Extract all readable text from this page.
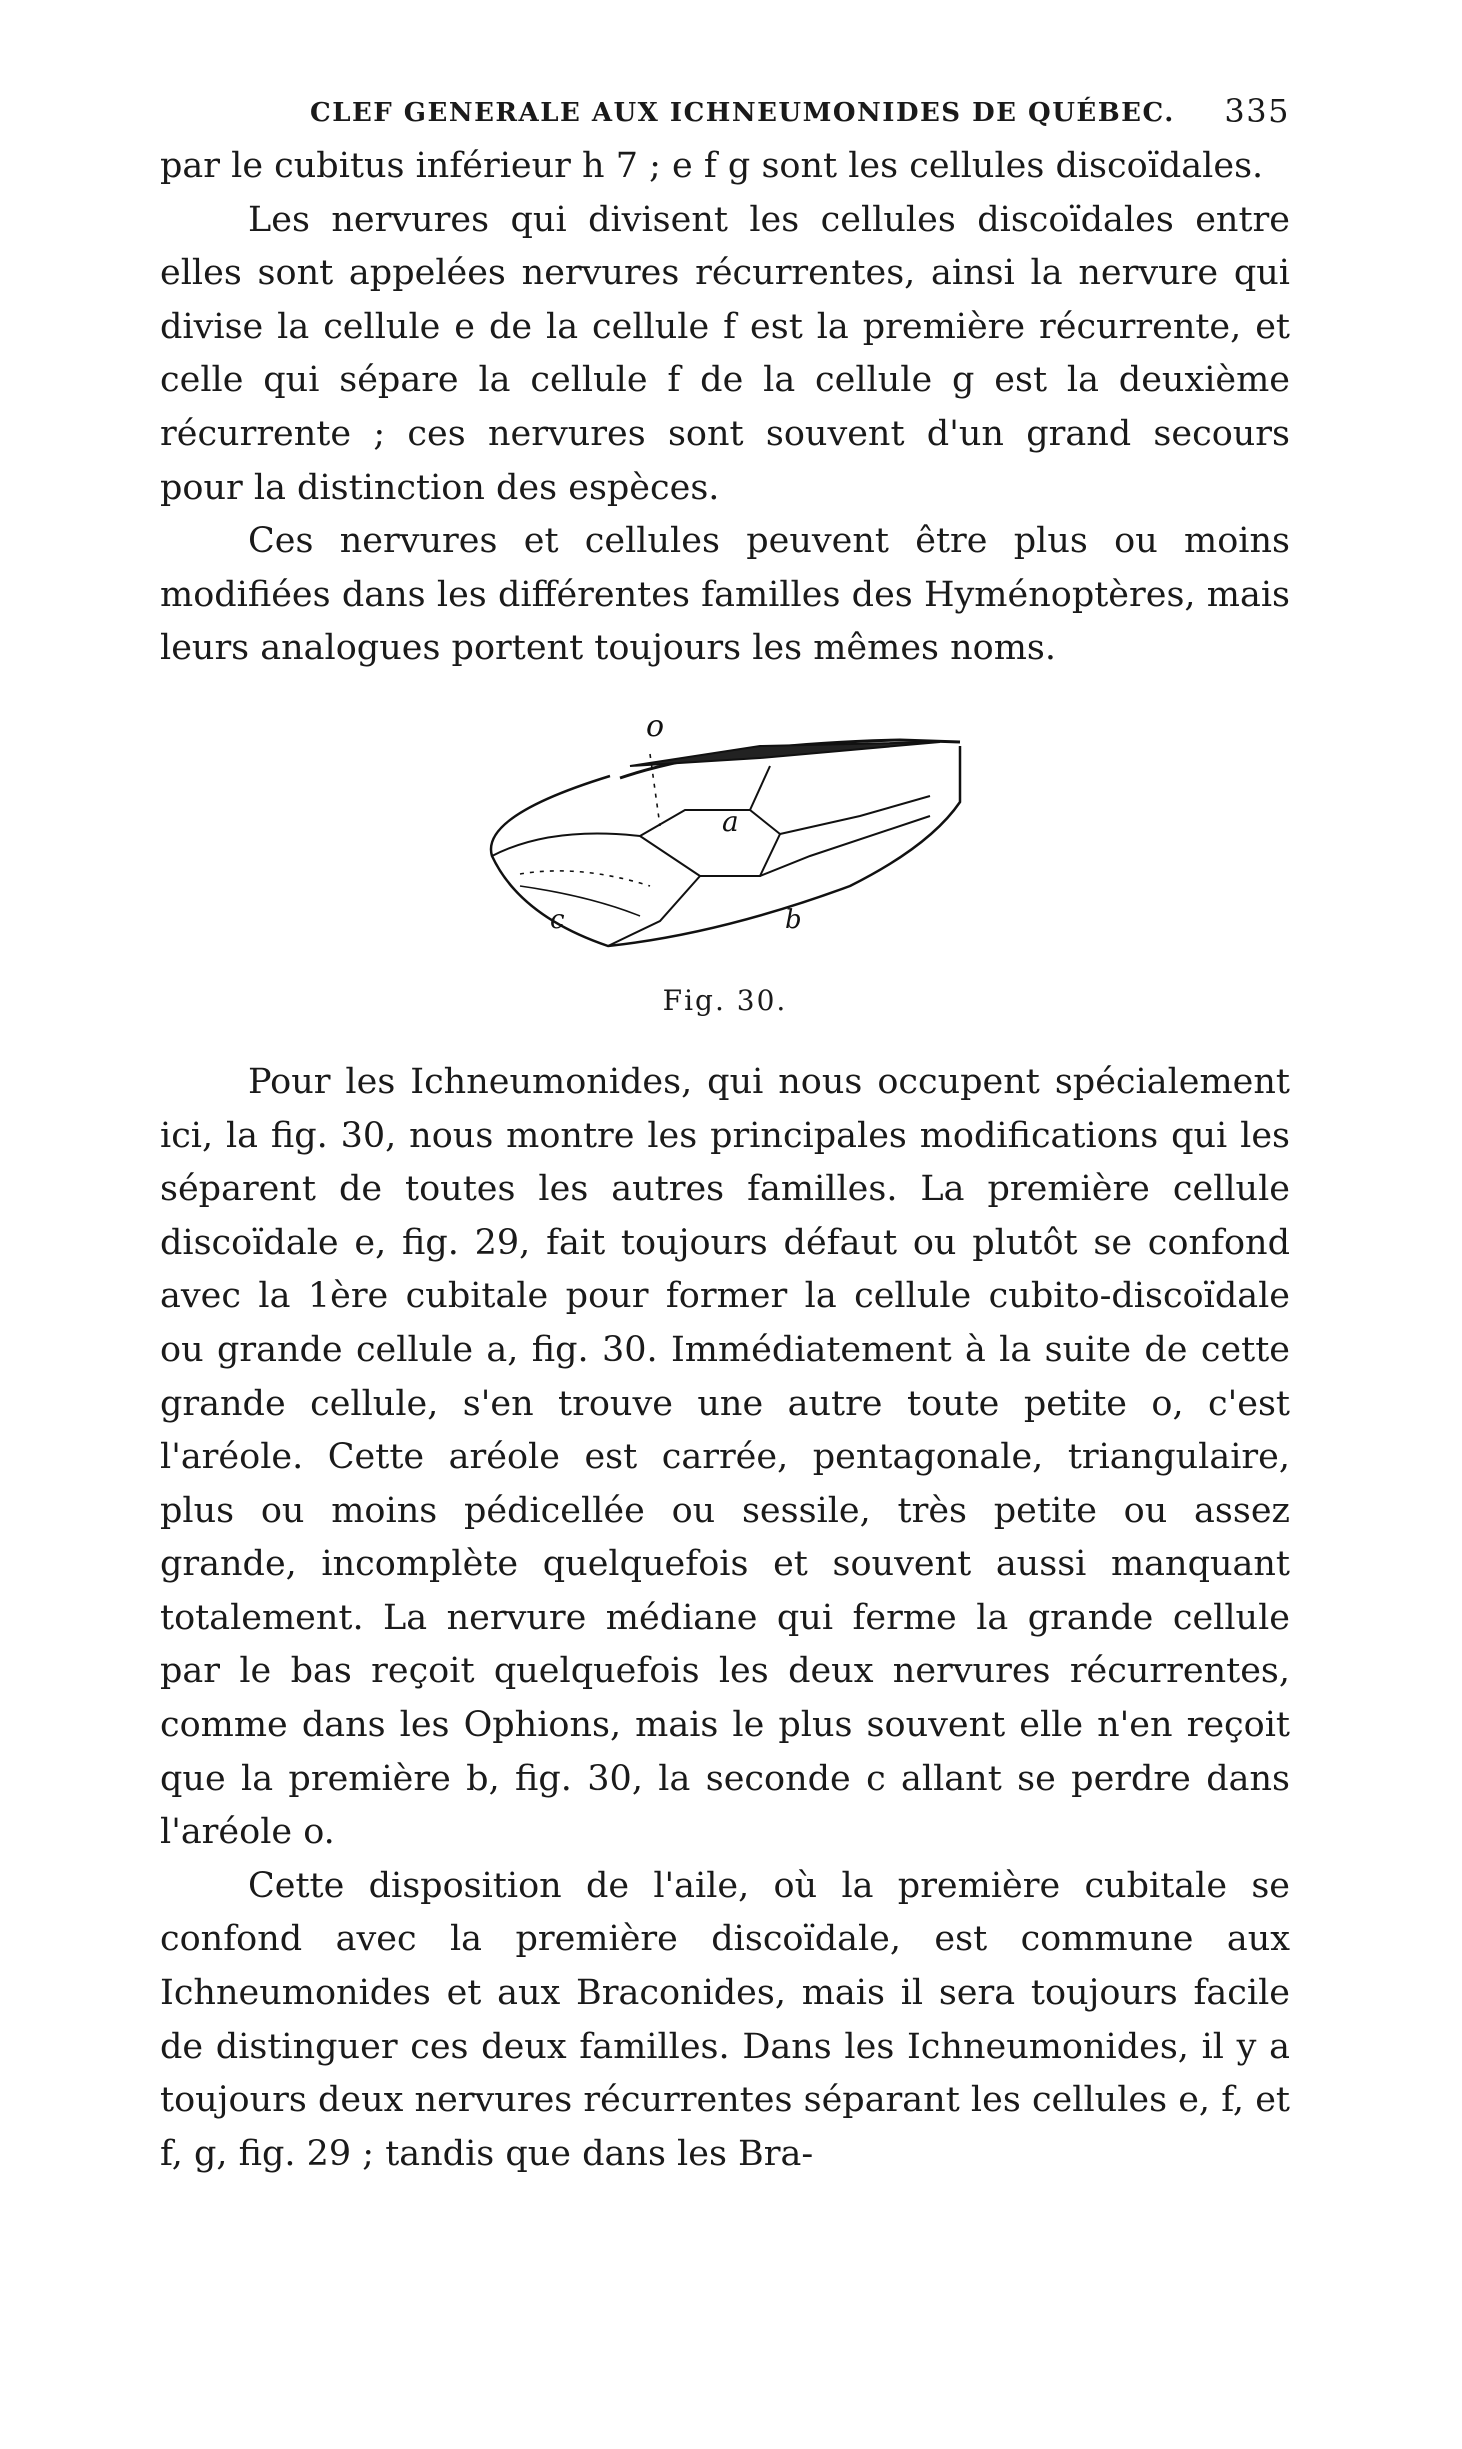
CLEF GENERALE AUX ICHNEUMONIDES DE QUÉBEC. 335

par le cubitus inférieur h 7 ; e f g sont les cellules discoïdales.

Les nervures qui divisent les cellules discoïdales entre elles sont appelées nervures récurrentes, ainsi la nervure qui divise la cellule e de la cellule f est la première récurrente, et celle qui sépare la cellule f de la cellule g est la deuxième récurrente ; ces nervures sont souvent d'un grand secours pour la distinction des espèces.

Ces nervures et cellules peuvent être plus ou moins modifiées dans les différentes familles des Hyménoptères, mais leurs analogues portent toujours les mêmes noms.

o
a
c	b
Fig. 30.

Pour les Ichneumonides, qui nous occupent spécialement ici, la fig. 30, nous montre les principales modifications qui les séparent de toutes les autres familles. La première cellule discoïdale e, fig. 29, fait toujours défaut ou plutôt se confond avec la 1ère cubitale pour former la cellule cubito-discoïdale ou grande cellule a, fig. 30. Immédiatement à la suite de cette grande cellule, s'en trouve une autre toute petite o, c'est l'aréole. Cette aréole est carrée, pentagonale, triangulaire, plus ou moins pédicellée ou sessile, très petite ou assez grande, incomplète quelquefois et souvent aussi manquant totalement. La nervure médiane qui ferme la grande cellule par le bas reçoit quelquefois les deux nervures récurrentes, comme dans les Ophions, mais le plus souvent elle n'en reçoit que la première b, fig. 30, la seconde c allant se perdre dans l'aréole o.

Cette disposition de l'aile, où la première cubitale se confond avec la première discoïdale, est commune aux Ichneumonides et aux Braconides, mais il sera toujours facile de distinguer ces deux familles. Dans les Ichneumonides, il y a toujours deux nervures récurrentes séparant les cellules e, f, et f, g, fig. 29 ; tandis que dans les Bra-
